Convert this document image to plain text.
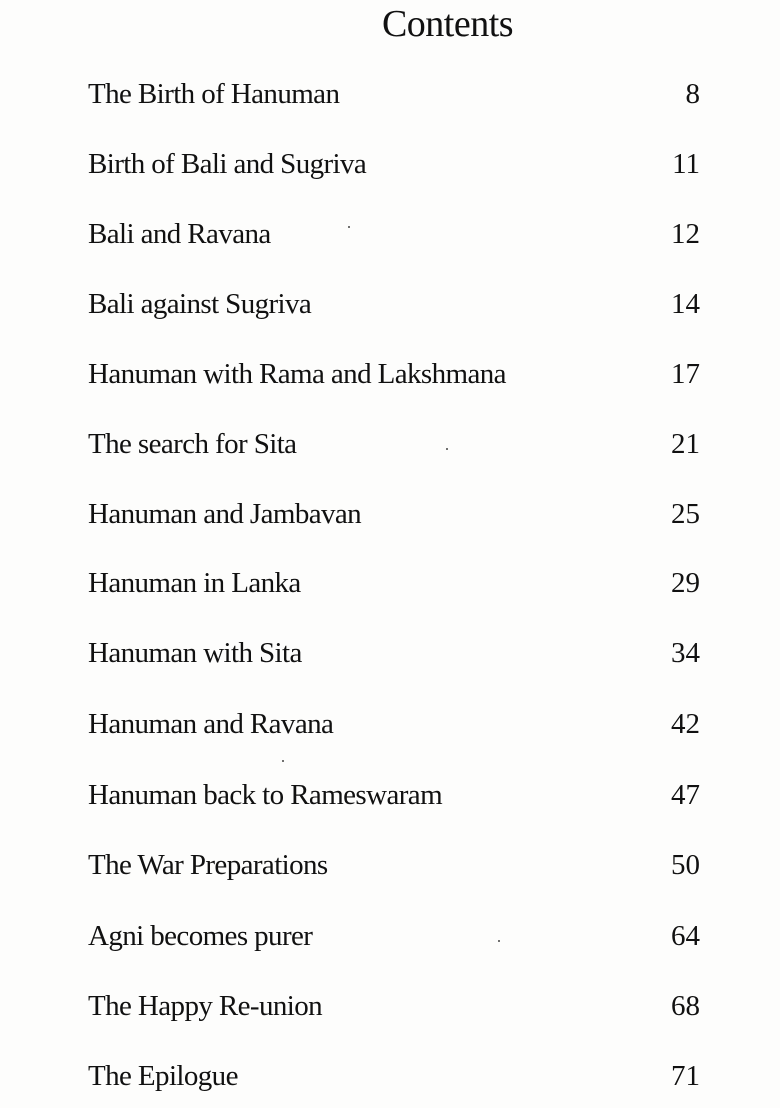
Contents
The Birth of Hanuman	8
Birth of Bali and Sugriva	11
Bali and Ravana	12
Bali against Sugriva	14
Hanuman with Rama and Lakshmana	17
The search for Sita	21
Hanuman and Jambavan	25
Hanuman in Lanka	29
Hanuman with Sita	34
Hanuman and Ravana	42
Hanuman back to Rameswaram	47
The War Preparations	50
Agni becomes purer	64
The Happy Re-union	68
The Epilogue	71
